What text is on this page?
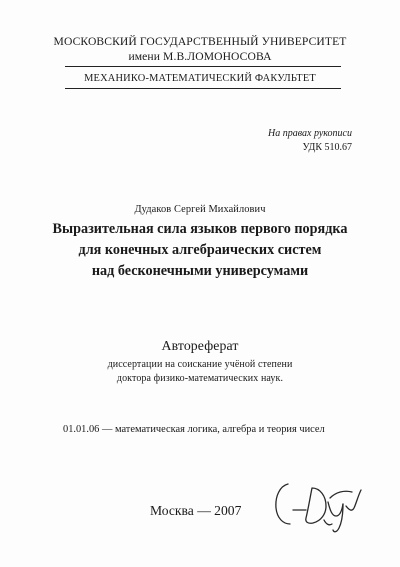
МОСКОВСКИЙ ГОСУДАРСТВЕННЫЙ УНИВЕРСИТЕТ
имени М.В.ЛОМОНОСОВА
МЕХАНИКО-МАТЕМАТИЧЕСКИЙ ФАКУЛЬТЕТ
На правах рукописи
УДК 510.67
Дудаков Сергей Михайлович
Выразительная сила языков первого порядка
для конечных алгебраических систем
над бесконечными универсумами
Автореферат
диссертации на соискание учёной степени
доктора физико-математических наук.
01.01.06 — математическая логика, алгебра и теория чисел
Москва — 2007
